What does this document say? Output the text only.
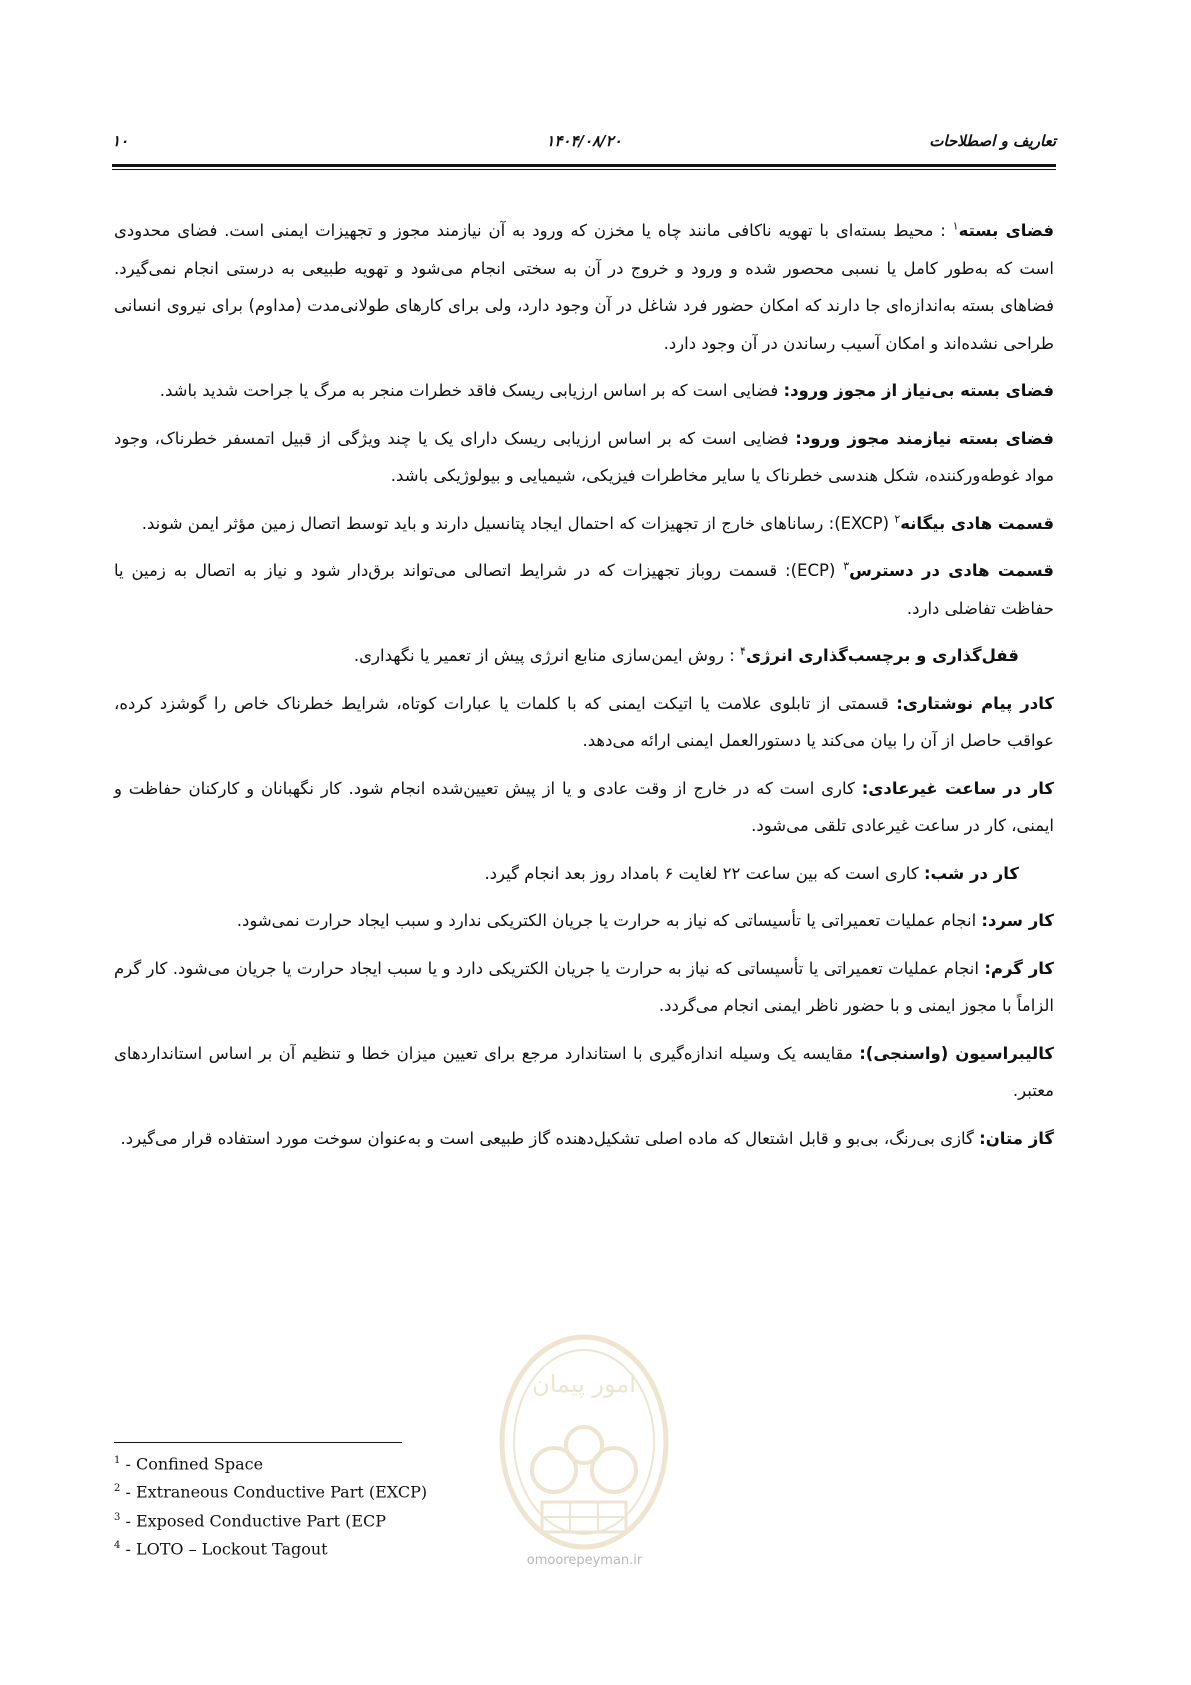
تعاریف و اصطلاحات
۱۴۰۴/۰۸/۲۰
۱۰

فضای بسته$^۱$ : محیط بسته‌ای با تهویه ناکافی مانند چاه یا مخزن که ورود به آن نیازمند مجوز و تجهیزات ایمنی است. فضای محدودی است که به‌طور کامل یا نسبی محصور شده و ورود و خروج در آن به سختی انجام می‌شود و تهویه طبیعی به درستی انجام نمی‌گیرد. فضاهای بسته به‌اندازه‌ای جا دارند که امکان حضور فرد شاغل در آن وجود دارد، ولی برای کارهای طولانی‌مدت (مداوم) برای نیروی انسانی طراحی نشده‌اند و امکان آسیب رساندن در آن وجود دارد.

فضای بسته بی‌نیاز از مجوز ورود: فضایی است که بر اساس ارزیابی ریسک فاقد خطرات منجر به مرگ یا جراحت شدید باشد.

فضای بسته نیازمند مجوز ورود: فضایی است که بر اساس ارزیابی ریسک دارای یک یا چند ویژگی از قبیل اتمسفر خطرناک، وجود مواد غوطه‌ورکننده، شکل هندسی خطرناک یا سایر مخاطرات فیزیکی، شیمیایی و بیولوژیکی باشد.

قسمت هادی بیگانه$^۲$ (EXCP): رساناهای خارج از تجهیزات که احتمال ایجاد پتانسیل دارند و باید توسط اتصال زمین مؤثر ایمن شوند.

قسمت هادی در دسترس$^۳$ (ECP): قسمت روباز تجهیزات که در شرایط اتصالی می‌تواند برق‌دار شود و نیاز به اتصال به زمین یا حفاظت تفاضلی دارد.

قفل‌گذاری و برچسب‌گذاری انرژی$^۴$ : روش ایمن‌سازی منابع انرژی پیش از تعمیر یا نگهداری.

کادر پیام نوشتاری: قسمتی از تابلوی علامت یا اتیکت ایمنی که با کلمات یا عبارات کوتاه، شرایط خطرناک خاص را گوشزد کرده، عواقب حاصل از آن را بیان می‌کند یا دستورالعمل ایمنی ارائه می‌دهد.

کار در ساعت غیرعادی: کاری است که در خارج از وقت عادی و یا از پیش تعیین‌شده انجام شود. کار نگهبانان و کارکنان حفاظت و ایمنی، کار در ساعت غیرعادی تلقی می‌شود.

کار در شب: کاری است که بین ساعت ۲۲ لغایت ۶ بامداد روز بعد انجام گیرد.

کار سرد: انجام عملیات تعمیراتی یا تأسیساتی که نیاز به حرارت یا جریان الکتریکی ندارد و سبب ایجاد حرارت نمی‌شود.

کار گرم: انجام عملیات تعمیراتی یا تأسیساتی که نیاز به حرارت یا جریان الکتریکی دارد و یا سبب ایجاد حرارت یا جریان می‌شود. کار گرم الزاماً با مجوز ایمنی و با حضور ناظر ایمنی انجام می‌گردد.

کالیبراسیون (واسنجی): مقایسه یک وسیله اندازه‌گیری با استاندارد مرجع برای تعیین میزان خطا و تنظیم آن بر اساس استانداردهای معتبر.

گاز متان: گازی بی‌رنگ، بی‌بو و قابل اشتعال که ماده اصلی تشکیل‌دهنده گاز طبیعی است و به‌عنوان سوخت مورد استفاده قرار می‌گیرد.

امور پیمان
omoorepeyman.ir

$^1$ - Confined Space

$^2$ - Extraneous Conductive Part (EXCP)

$^3$ - Exposed Conductive Part (ECP

$^4$ - LOTO – Lockout Tagout
